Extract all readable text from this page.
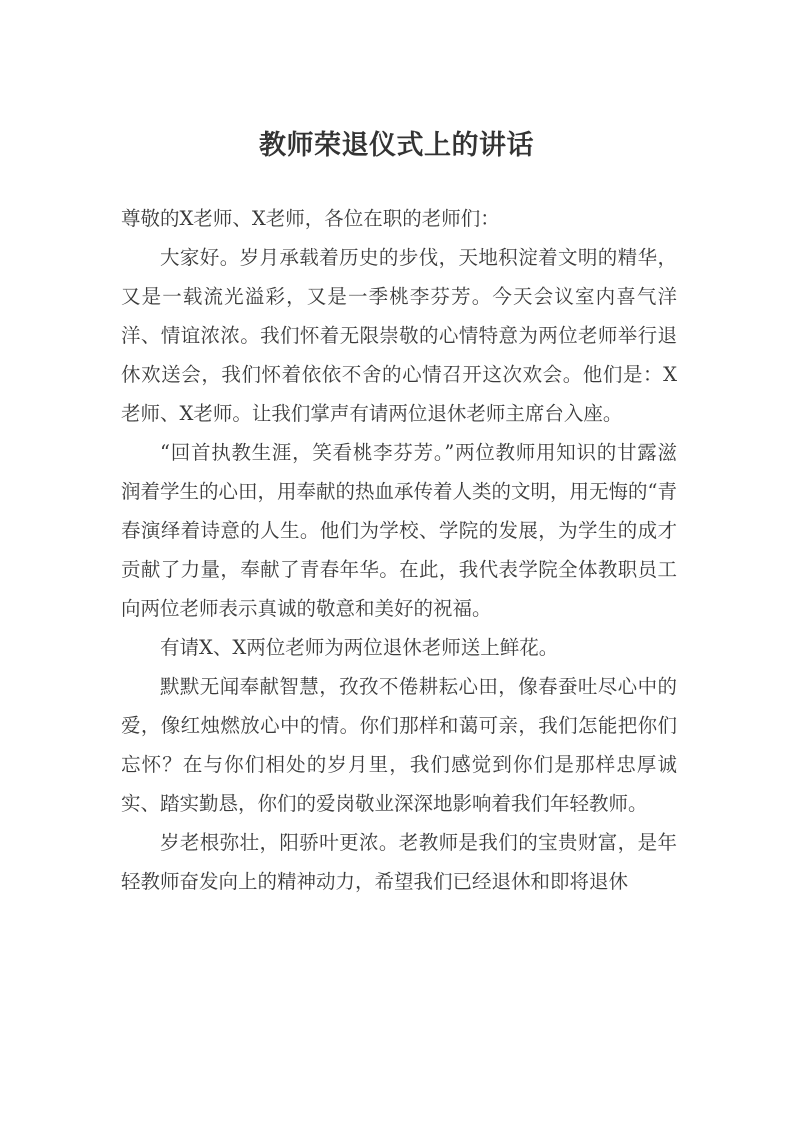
教师荣退仪式上的讲话

尊敬的X老师、X老师，各位在职的老师们：

大家好。岁月承载着历史的步伐，天地积淀着文明的精华，又是一载流光溢彩，又是一季桃李芬芳。今天会议室内喜气洋洋、情谊浓浓。我们怀着无限崇敬的心情特意为两位老师举行退休欢送会，我们怀着依依不舍的心情召开这次欢会。他们是：X老师、X老师。让我们掌声有请两位退休老师主席台入座。

“回首执教生涯，笑看桃李芬芳。”两位教师用知识的甘露滋润着学生的心田，用奉献的热血承传着人类的文明，用无悔的“青春演绎着诗意的人生。他们为学校、学院的发展，为学生的成才贡献了力量，奉献了青春年华。在此，我代表学院全体教职员工向两位老师表示真诚的敬意和美好的祝福。

有请X、X两位老师为两位退休老师送上鲜花。

默默无闻奉献智慧，孜孜不倦耕耘心田，像春蚕吐尽心中的爱，像红烛燃放心中的情。你们那样和蔼可亲，我们怎能把你们忘怀？在与你们相处的岁月里，我们感觉到你们是那样忠厚诚实、踏实勤恳，你们的爱岗敬业深深地影响着我们年轻教师。

岁老根弥壮，阳骄叶更浓。老教师是我们的宝贵财富，是年轻教师奋发向上的精神动力，希望我们已经退休和即将退休
